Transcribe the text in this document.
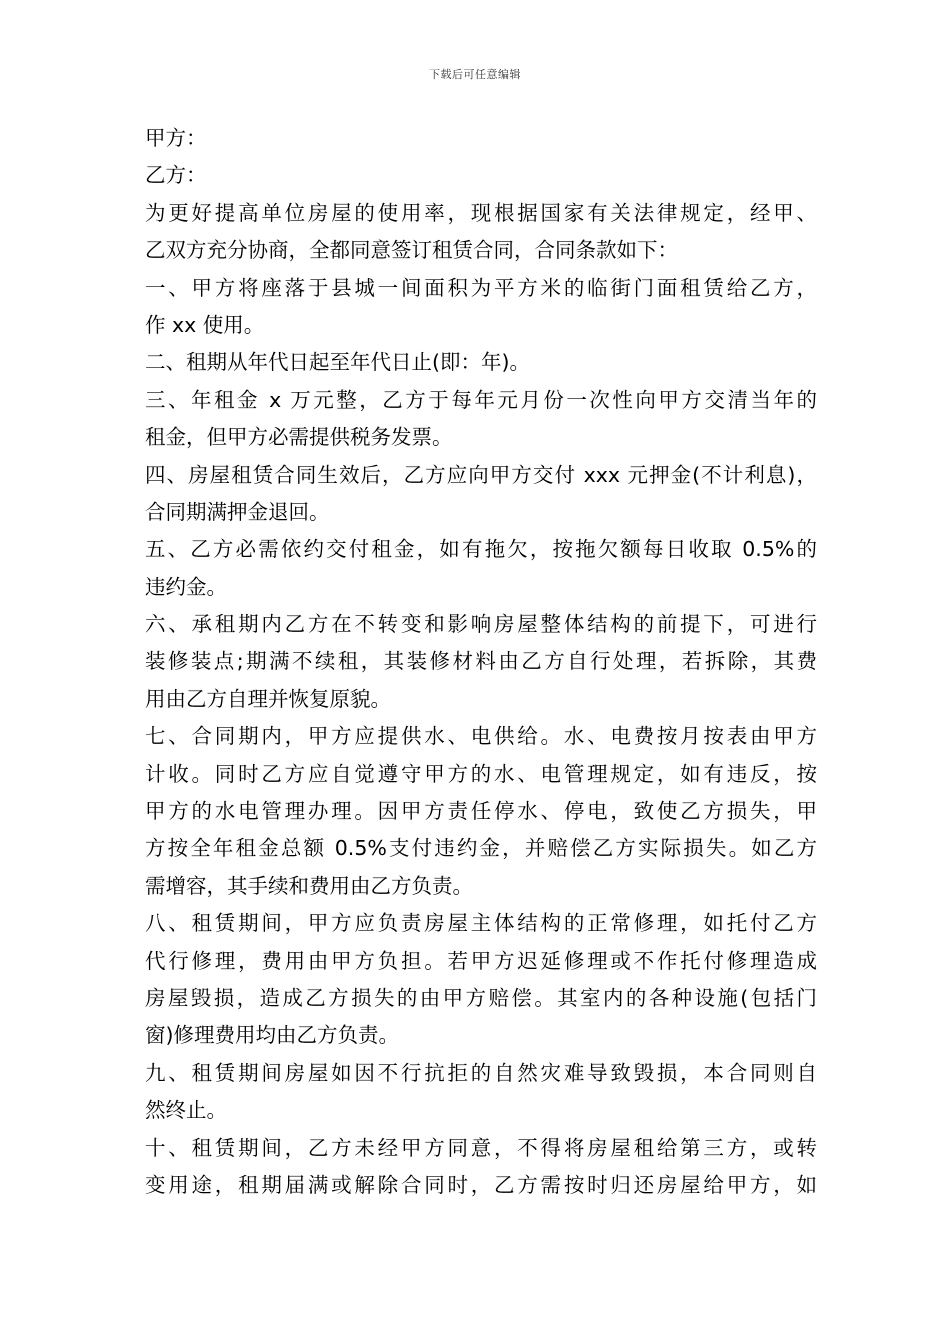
下载后可任意编辑
甲方：
乙方：
为更好提高单位房屋的使用率，现根据国家有关法律规定，经甲、
乙双方充分协商，全都同意签订租赁合同，合同条款如下：
一、甲方将座落于县城一间面积为平方米的临街门面租赁给乙方，
作 xx 使用。
二、租期从年代日起至年代日止(即：年)。
三、年租金 x 万元整，乙方于每年元月份一次性向甲方交清当年的
租金，但甲方必需提供税务发票。
四、房屋租赁合同生效后，乙方应向甲方交付 xxx 元押金(不计利息)，
合同期满押金退回。
五、乙方必需依约交付租金，如有拖欠，按拖欠额每日收取 0.5%的
违约金。
六、承租期内乙方在不转变和影响房屋整体结构的前提下，可进行
装修装点;期满不续租，其装修材料由乙方自行处理，若拆除，其费
用由乙方自理并恢复原貌。
七、合同期内，甲方应提供水、电供给。水、电费按月按表由甲方
计收。同时乙方应自觉遵守甲方的水、电管理规定，如有违反，按
甲方的水电管理办理。因甲方责任停水、停电，致使乙方损失，甲
方按全年租金总额 0.5%支付违约金，并赔偿乙方实际损失。如乙方
需增容，其手续和费用由乙方负责。
八、租赁期间，甲方应负责房屋主体结构的正常修理，如托付乙方
代行修理，费用由甲方负担。若甲方迟延修理或不作托付修理造成
房屋毁损，造成乙方损失的由甲方赔偿。其室内的各种设施(包括门
窗)修理费用均由乙方负责。
九、租赁期间房屋如因不行抗拒的自然灾难导致毁损，本合同则自
然终止。
十、租赁期间，乙方未经甲方同意，不得将房屋租给第三方，或转
变用途，租期届满或解除合同时，乙方需按时归还房屋给甲方，如
